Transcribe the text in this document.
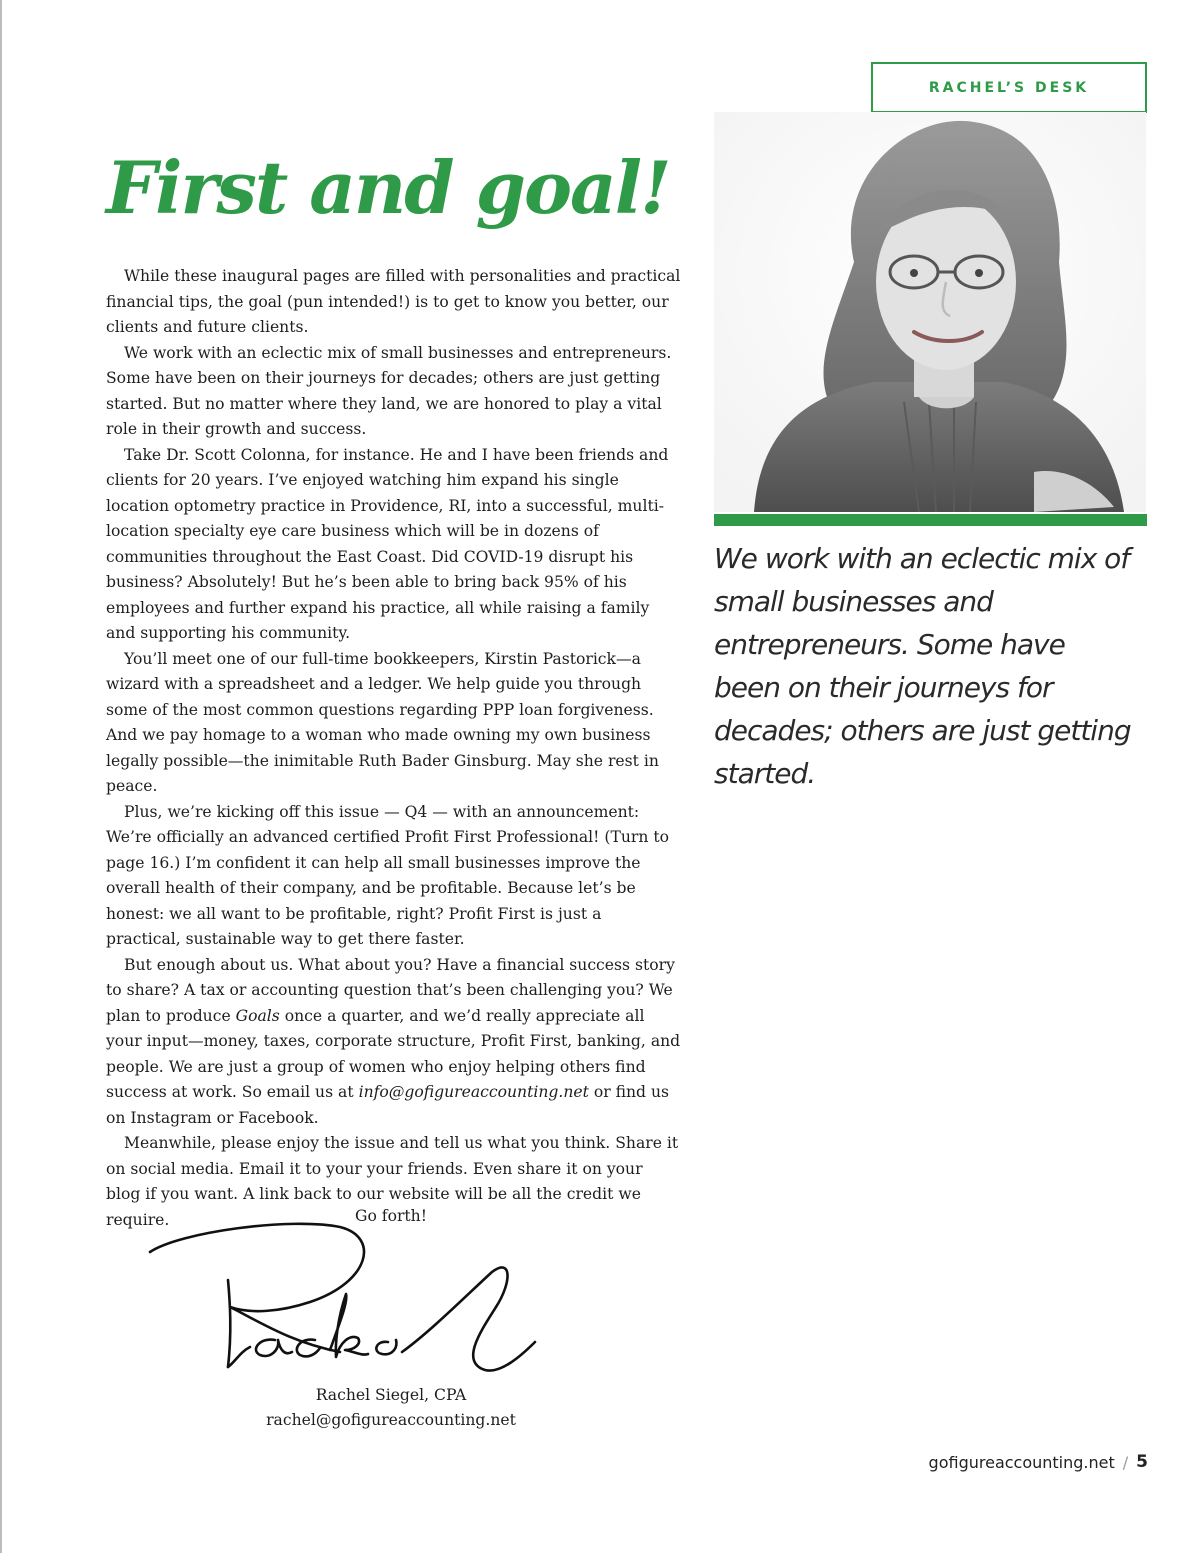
RACHEL’S DESK
First and goal!

While these inaugural pages are filled with personalities and practical financial tips, the goal (pun intended!) is to get to know you better, our clients and future clients.

We work with an eclectic mix of small businesses and entrepreneurs. Some have been on their journeys for decades; others are just getting started. But no matter where they land, we are honored to play a vital role in their growth and success.

Take Dr. Scott Colonna, for instance. He and I have been friends and clients for 20 years. I’ve enjoyed watching him expand his single location optometry practice in Providence, RI, into a successful, multi-location specialty eye care business which will be in dozens of communities throughout the East Coast. Did COVID-19 disrupt his business? Absolutely! But he’s been able to bring back 95% of his employees and further expand his practice, all while raising a family and supporting his community.

You’ll meet one of our full-time bookkeepers, Kirstin Pastorick—a wizard with a spreadsheet and a ledger. We help guide you through some of the most common questions regarding PPP loan forgiveness. And we pay homage to a woman who made owning my own business legally possible—the inimitable Ruth Bader Ginsburg. May she rest in peace.

Plus, we’re kicking off this issue — Q4 — with an announcement: We’re officially an advanced certified Profit First Professional! (Turn to page 16.) I’m confident it can help all small businesses improve the overall health of their company, and be profitable. Because let’s be honest: we all want to be profitable, right? Profit First is just a practical, sustainable way to get there faster.

But enough about us. What about you? Have a financial success story to share? A tax or accounting question that’s been challenging you? We plan to produce Goals once a quarter, and we’d really appreciate all your input—money, taxes, corporate structure, Profit First, banking, and people. We are just a group of women who enjoy helping others find success at work. So email us at info@gofigureaccounting.net or find us on Instagram or Facebook.

Meanwhile, please enjoy the issue and tell us what you think. Share it on social media. Email it to your your friends. Even share it on your blog if you want. A link back to our website will be all the credit we require.	Go forth!
Rachel Siegel, CPA
rachel@gofigureaccounting.net
We work with an eclectic mix of small businesses and entrepreneurs. Some have been on their journeys for decades; others are just getting started.
gofigureaccounting.net / 5
